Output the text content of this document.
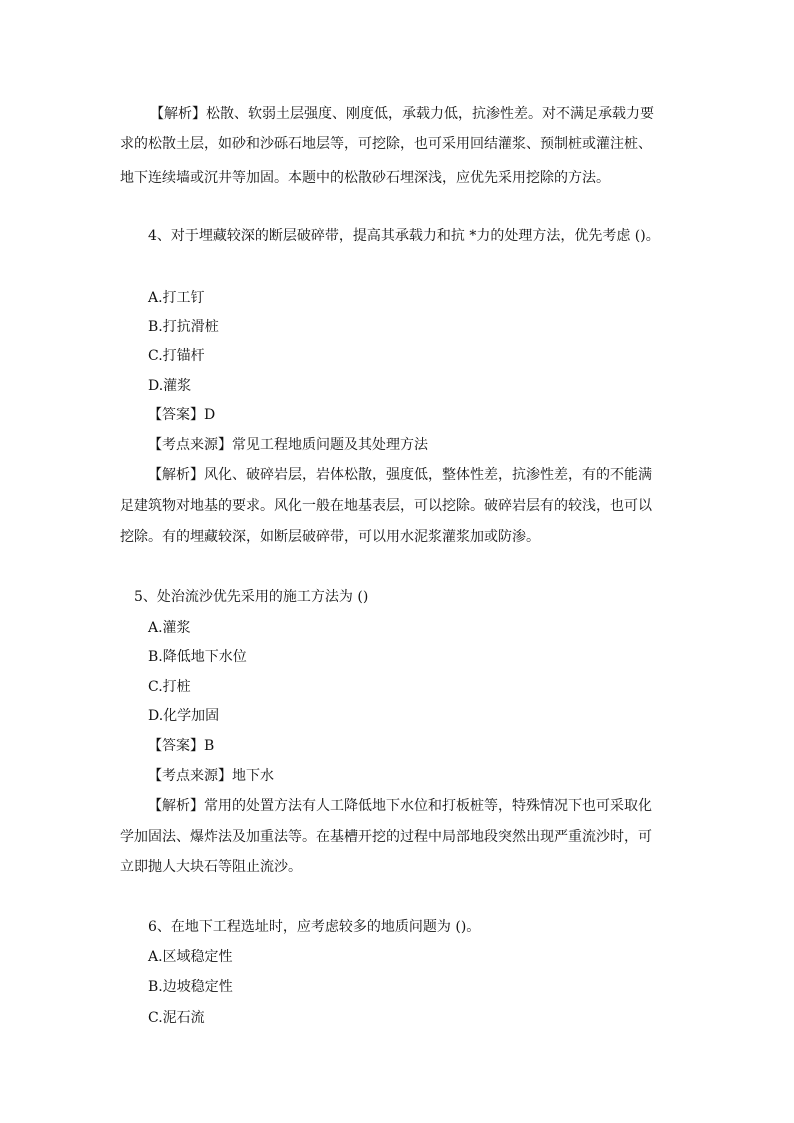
【解析】松散、软弱土层强度、刚度低，承载力低，抗渗性差。对不满足承载力要
求的松散土层，如砂和沙砾石地层等，可挖除，也可采用回结灌浆、预制桩或灌注桩、
地下连续墙或沉井等加固。本题中的松散砂石埋深浅，应优先采用挖除的方法。
4、对于埋藏较深的断层破碎带，提高其承载力和抗 *力的处理方法，优先考虑 ()。
A.打工钉
B.打抗滑桩
C.打锚杆
D.灌浆
【答案】D
【考点来源】常见工程地质问题及其处理方法
【解析】风化、破碎岩层，岩体松散，强度低，整体性差，抗渗性差，有的不能满
足建筑物对地基的要求。风化一般在地基表层，可以挖除。破碎岩层有的较浅，也可以
挖除。有的埋藏较深，如断层破碎带，可以用水泥浆灌浆加或防渗。
5、处治流沙优先采用的施工方法为 ()
A.灌浆
B.降低地下水位
C.打桩
D.化学加固
【答案】B
【考点来源】地下水
【解析】常用的处置方法有人工降低地下水位和打板桩等，特殊情况下也可采取化
学加固法、爆炸法及加重法等。在基槽开挖的过程中局部地段突然出现严重流沙时，可
立即抛人大块石等阻止流沙。
6、在地下工程选址时，应考虑较多的地质问题为 ()。
A.区域稳定性
B.边坡稳定性
C.泥石流
